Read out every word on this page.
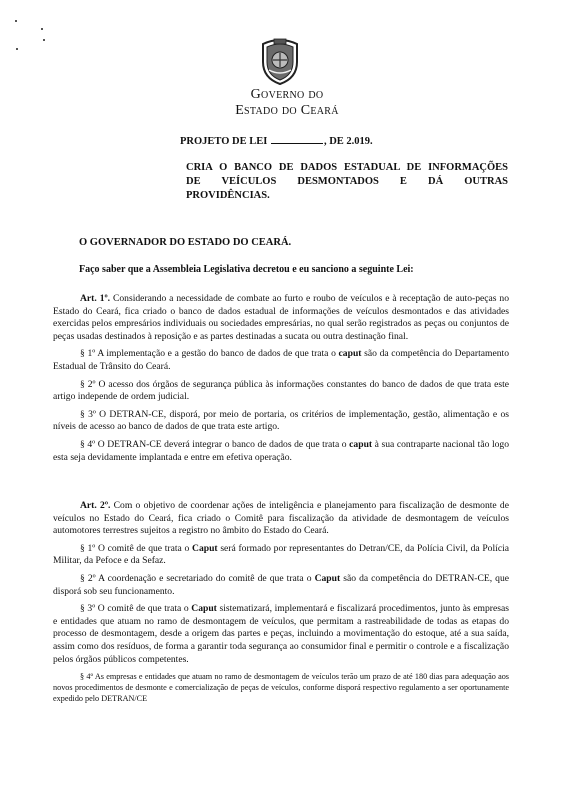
Governo do
Estado do Ceará
PROJETO DE LEI	, DE 2.019.
CRIA O BANCO DE DADOS ESTADUAL DE INFORMAÇÕES
DE VEÍCULOS DESMONTADOS E DÁ OUTRAS
PROVIDÊNCIAS.
O GOVERNADOR DO ESTADO DO CEARÁ.
Faço saber que a Assembleia Legislativa decretou e eu sanciono a seguinte Lei:

Art. 1º. Considerando a necessidade de combate ao furto e roubo de veículos e à receptação de auto-peças no Estado do Ceará, fica criado o banco de dados estadual de informações de veículos desmontados e das atividades exercidas pelos empresários individuais ou sociedades empresárias, no qual serão registrados as peças ou conjuntos de peças usadas destinados à reposição e as partes destinadas a sucata ou outra destinação final.

§ 1º A implementação e a gestão do banco de dados de que trata o caput são da competência do Departamento Estadual de Trânsito do Ceará.

§ 2º O acesso dos órgãos de segurança pública às informações constantes do banco de dados de que trata este artigo independe de ordem judicial.

§ 3º O DETRAN-CE, disporá, por meio de portaria, os critérios de implementação, gestão, alimentação e os níveis de acesso ao banco de dados de que trata este artigo.

§ 4º O DETRAN-CE deverá integrar o banco de dados de que trata o caput à sua contraparte nacional tão logo esta seja devidamente implantada e entre em efetiva operação.

Art. 2º. Com o objetivo de coordenar ações de inteligência e planejamento para fiscalização de desmonte de veículos no Estado do Ceará, fica criado o Comitê para fiscalização da atividade de desmontagem de veículos automotores terrestres sujeitos a registro no âmbito do Estado do Ceará.

§ 1º O comitê de que trata o Caput será formado por representantes do Detran/CE, da Polícia Civil, da Polícia Militar, da Pefoce e da Sefaz.

§ 2º A coordenação e secretariado do comitê de que trata o Caput são da competência do DETRAN-CE, que disporá sob seu funcionamento.

§ 3º O comitê de que trata o Caput sistematizará, implementará e fiscalizará procedimentos, junto às empresas e entidades que atuam no ramo de desmontagem de veículos, que permitam a rastreabilidade de todas as etapas do processo de desmontagem, desde a origem das partes e peças, incluindo a movimentação do estoque, até a sua saída, assim como dos resíduos, de forma a garantir toda segurança ao consumidor final e permitir o controle e a fiscalização pelos órgãos públicos competentes.

§ 4º As empresas e entidades que atuam no ramo de desmontagem de veículos terão um prazo de até 180 dias para adequação aos novos procedimentos de desmonte e comercialização de peças de veículos, conforme disporá respectivo regulamento a ser oportunamente expedido pelo DETRAN/CE
